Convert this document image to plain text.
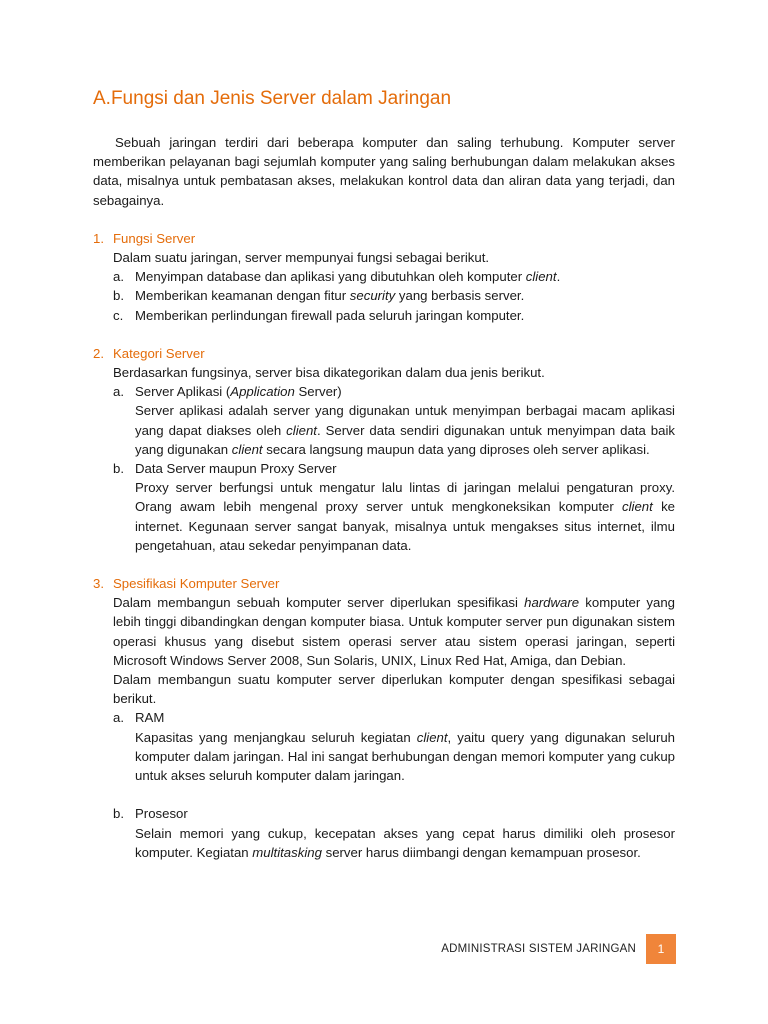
A.Fungsi dan Jenis Server dalam Jaringan

Sebuah jaringan terdiri dari beberapa komputer dan saling terhubung. Komputer server memberikan pelayanan bagi sejumlah komputer yang saling berhubungan dalam melakukan akses data, misalnya untuk pembatasan akses, melakukan kontrol data dan aliran data yang terjadi, dan sebagainya.

1. Fungsi Server

Dalam suatu jaringan, server mempunyai fungsi sebagai berikut.

a. Menyimpan database dan aplikasi yang dibutuhkan oleh komputer client.
b. Memberikan keamanan dengan fitur security yang berbasis server.
c. Memberikan perlindungan firewall pada seluruh jaringan komputer.
2. Kategori Server

Berdasarkan fungsinya, server bisa dikategorikan dalam dua jenis berikut.

a. Server Aplikasi (Application Server)

Server aplikasi adalah server yang digunakan untuk menyimpan berbagai macam aplikasi yang dapat diakses oleh client. Server data sendiri digunakan untuk menyimpan data baik yang digunakan client secara langsung maupun data yang diproses oleh server aplikasi.

b. Data Server maupun Proxy Server

Proxy server berfungsi untuk mengatur lalu lintas di jaringan melalui pengaturan proxy. Orang awam lebih mengenal proxy server untuk mengkoneksikan komputer client ke internet. Kegunaan server sangat banyak, misalnya untuk mengakses situs internet, ilmu pengetahuan, atau sekedar penyimpanan data.

3. Spesifikasi Komputer Server

Dalam membangun sebuah komputer server diperlukan spesifikasi hardware komputer yang lebih tinggi dibandingkan dengan komputer biasa. Untuk komputer server pun digunakan sistem operasi khusus yang disebut sistem operasi server atau sistem operasi jaringan, seperti Microsoft Windows Server 2008, Sun Solaris, UNIX, Linux Red Hat, Amiga, dan Debian.

Dalam membangun suatu komputer server diperlukan komputer dengan spesifikasi sebagai berikut.

a. RAM

Kapasitas yang menjangkau seluruh kegiatan client, yaitu query yang digunakan seluruh komputer dalam jaringan. Hal ini sangat berhubungan dengan memori komputer yang cukup untuk akses seluruh komputer dalam jaringan.

b. Prosesor

Selain memori yang cukup, kecepatan akses yang cepat harus dimiliki oleh prosesor komputer. Kegiatan multitasking server harus diimbangi dengan kemampuan prosesor.

ADMINISTRASI SISTEM JARINGAN	1
